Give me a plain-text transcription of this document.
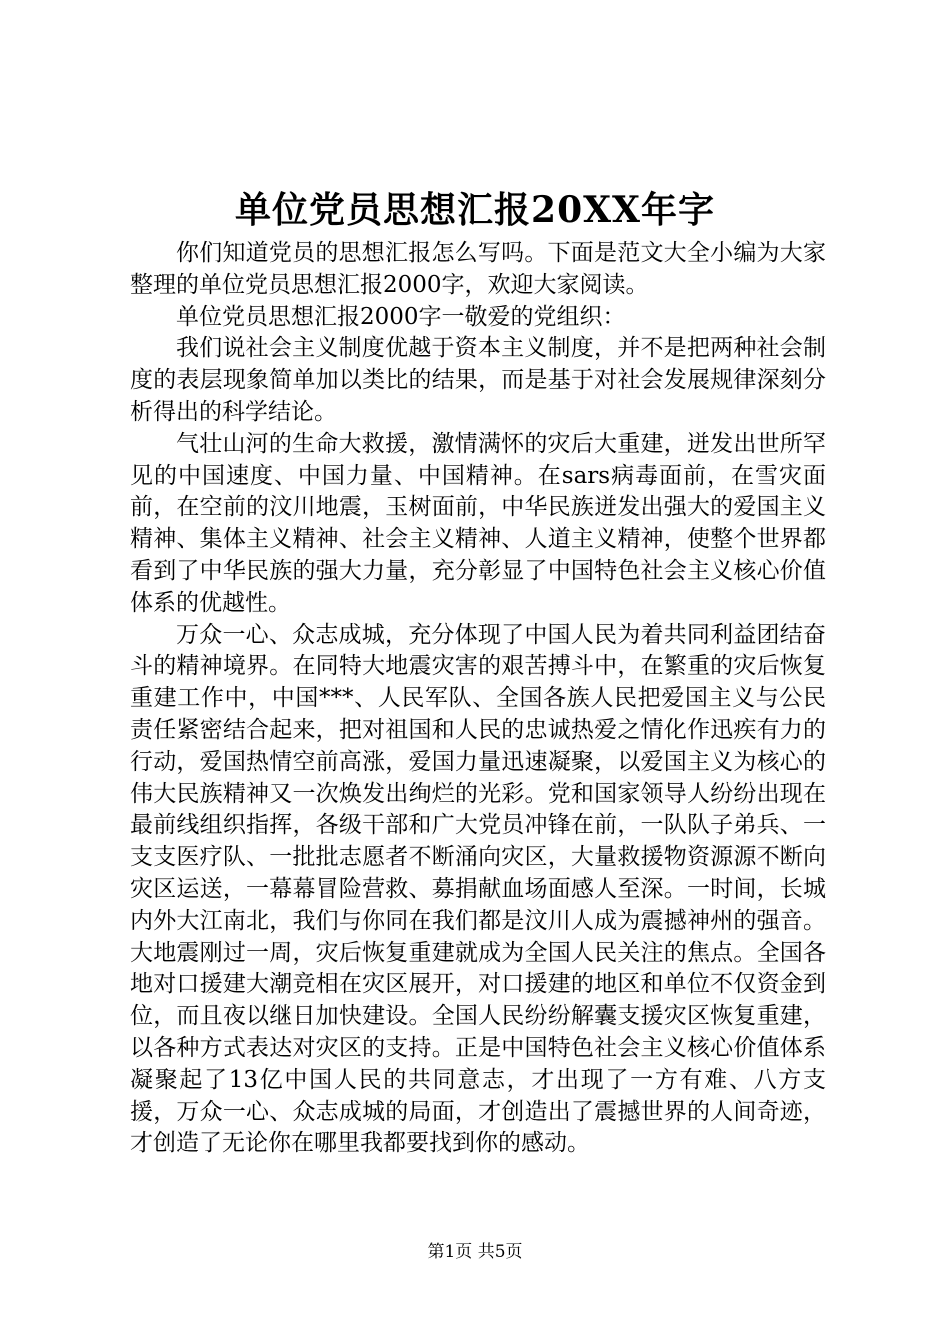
单位党员思想汇报20XX年字

你们知道党员的思想汇报怎么写吗。下面是范文大全小编为大家整理的单位党员思想汇报2000字，欢迎大家阅读。

单位党员思想汇报2000字一敬爱的党组织：

我们说社会主义制度优越于资本主义制度，并不是把两种社会制度的表层现象简单加以类比的结果，而是基于对社会发展规律深刻分析得出的科学结论。

气壮山河的生命大救援，激情满怀的灾后大重建，迸发出世所罕见的中国速度、中国力量、中国精神。在sars病毒面前，在雪灾面前，在空前的汶川地震，玉树面前，中华民族迸发出强大的爱国主义精神、集体主义精神、社会主义精神、人道主义精神，使整个世界都看到了中华民族的强大力量，充分彰显了中国特色社会主义核心价值体系的优越性。

万众一心、众志成城，充分体现了中国人民为着共同利益团结奋斗的精神境界。在同特大地震灾害的艰苦搏斗中，在繁重的灾后恢复重建工作中，中国***、人民军队、全国各族人民把爱国主义与公民责任紧密结合起来，把对祖国和人民的忠诚热爱之情化作迅疾有力的行动，爱国热情空前高涨，爱国力量迅速凝聚，以爱国主义为核心的伟大民族精神又一次焕发出绚烂的光彩。党和国家领导人纷纷出现在最前线组织指挥，各级干部和广大党员冲锋在前，一队队子弟兵、一支支医疗队、一批批志愿者不断涌向灾区，大量救援物资源源不断向灾区运送，一幕幕冒险营救、募捐献血场面感人至深。一时间，长城内外大江南北，我们与你同在我们都是汶川人成为震撼神州的强音。大地震刚过一周，灾后恢复重建就成为全国人民关注的焦点。全国各地对口援建大潮竞相在灾区展开，对口援建的地区和单位不仅资金到位，而且夜以继日加快建设。全国人民纷纷解囊支援灾区恢复重建，以各种方式表达对灾区的支持。正是中国特色社会主义核心价值体系凝聚起了13亿中国人民的共同意志，才出现了一方有难、八方支援，万众一心、众志成城的局面，才创造出了震撼世界的人间奇迹，才创造了无论你在哪里我都要找到你的感动。

第1页 共5页
